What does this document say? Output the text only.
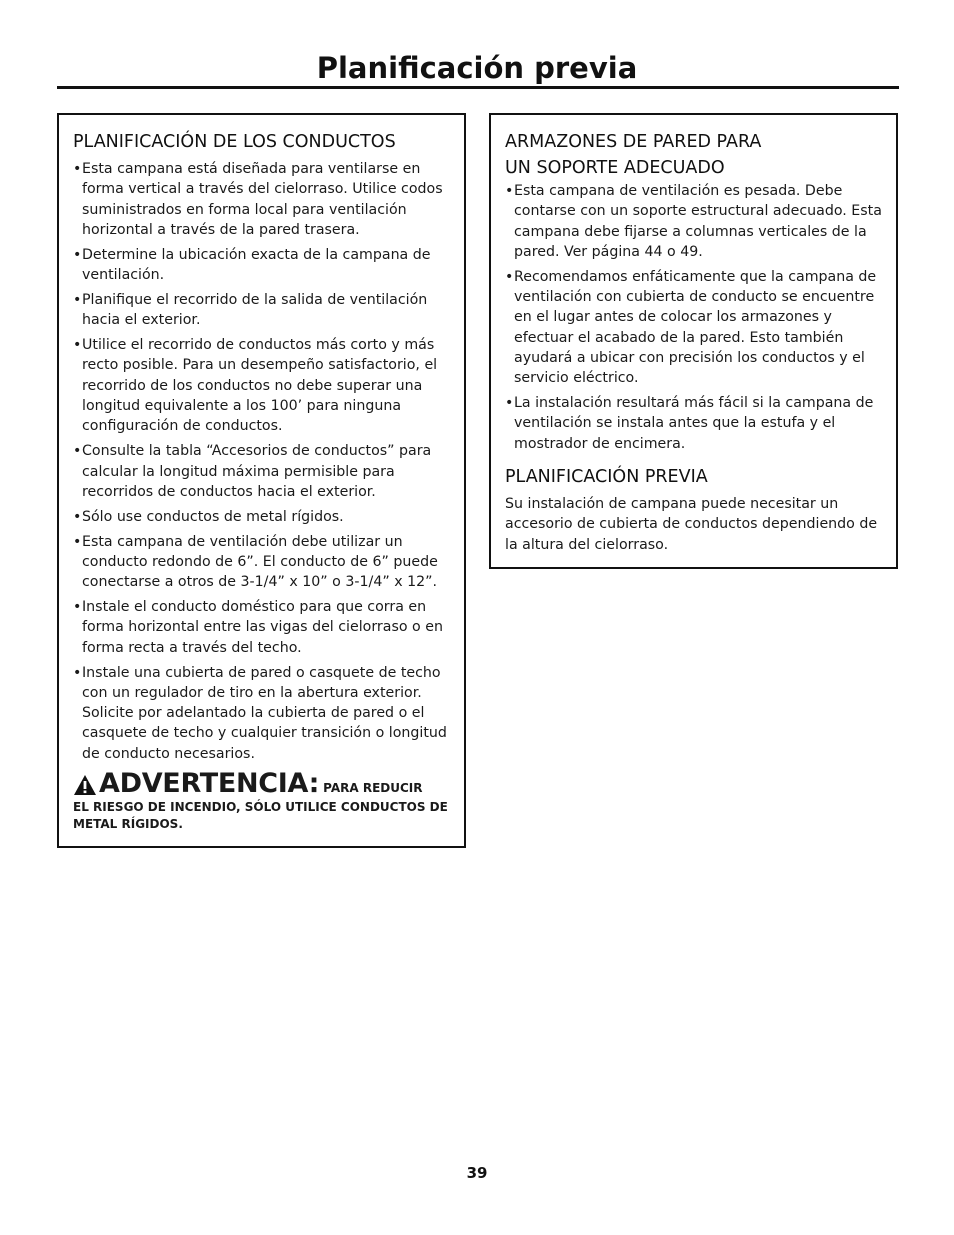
Planificación previa
PLANIFICACIÓN DE LOS CONDUCTOS
• Esta campana está diseñada para ventilarse en forma vertical a través del cielorraso. Utilice codos suministrados en forma local para ventilación horizontal a través de la pared trasera.
• Determine la ubicación exacta de la campana de ventilación.
• Planifique el recorrido de la salida de ventilación hacia el exterior.
• Utilice el recorrido de conductos más corto y más recto posible. Para un desempeño satisfactorio, el recorrido de los conductos no debe superar una longitud equivalente a los 100’ para ninguna configuración de conductos.
• Consulte la tabla “Accesorios de conductos” para calcular la longitud máxima permisible para recorridos de conductos hacia el exterior.
• Sólo use conductos de metal rígidos.
• Esta campana de ventilación debe utilizar un conducto redondo de 6”. El conducto de 6” puede conectarse a otros de 3-1/4” x 10” o 3-1/4” x 12”.
• Instale el conducto doméstico para que corra en forma horizontal entre las vigas del cielorraso o en forma recta a través del techo.
• Instale una cubierta de pared o casquete de techo con un regulador de tiro en la abertura exterior. Solicite por adelantado la cubierta de pared o el casquete de techo y cualquier transición o longitud de conducto necesarios.
ADVERTENCIA: PARA REDUCIR

EL RIESGO DE INCENDIO, SÓLO UTILICE CONDUCTOS DE METAL RÍGIDOS.

ARMAZONES DE PARED PARA
UN SOPORTE ADECUADO
• Esta campana de ventilación es pesada. Debe contarse con un soporte estructural adecuado. Esta campana debe fijarse a columnas verticales de la pared. Ver página 44 o 49.
• Recomendamos enfáticamente que la campana de ventilación con cubierta de conducto se encuentre en el lugar antes de colocar los armazones y efectuar el acabado de la pared. Esto también ayudará a ubicar con precisión los conductos y el servicio eléctrico.
• La instalación resultará más fácil si la campana de ventilación se instala antes que la estufa y el mostrador de encimera.
PLANIFICACIÓN PREVIA

Su instalación de campana puede necesitar un accesorio de cubierta de conductos dependiendo de la altura del cielorraso.

39
